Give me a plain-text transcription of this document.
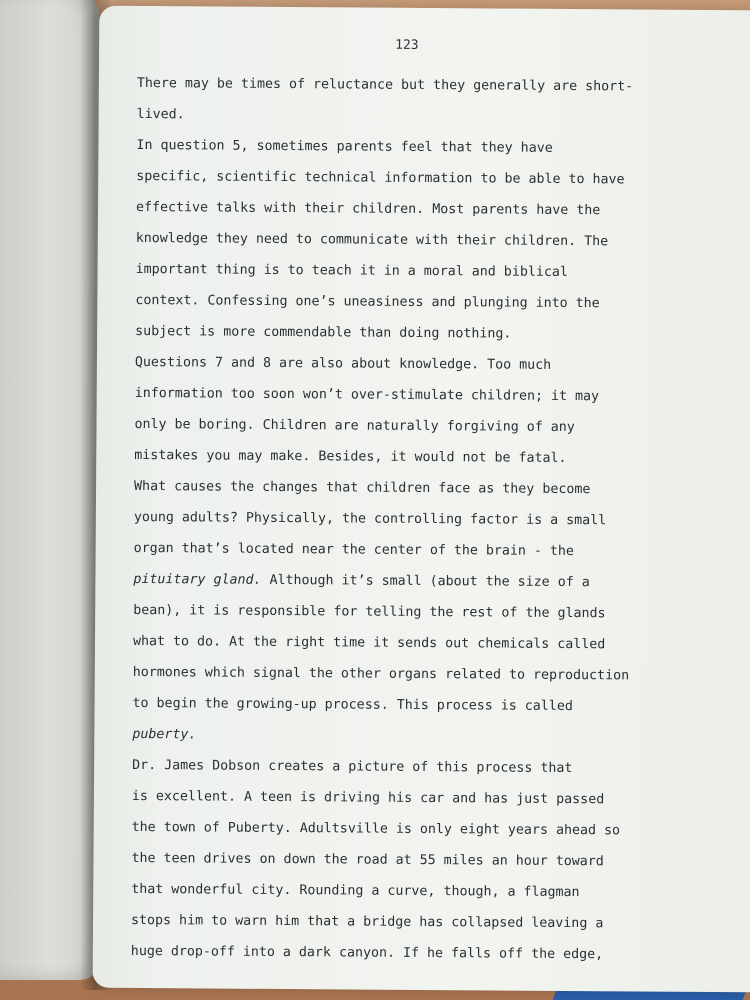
123
There may be times of reluctance but they generally are short-
lived.
In question 5, sometimes parents feel that they have
specific, scientific technical information to be able to have
effective talks with their children. Most parents have the
knowledge they need to communicate with their children. The
important thing is to teach it in a moral and biblical
context. Confessing one’s uneasiness and plunging into the
subject is more commendable than doing nothing.
Questions 7 and 8 are also about knowledge. Too much
information too soon won’t over-stimulate children; it may
only be boring. Children are naturally forgiving of any
mistakes you may make. Besides, it would not be fatal.
What causes the changes that children face as they become
young adults? Physically, the controlling factor is a small
organ that’s located near the center of the brain - the
pituitary gland. Although it’s small (about the size of a
bean), it is responsible for telling the rest of the glands
what to do. At the right time it sends out chemicals called
hormones which signal the other organs related to reproduction
to begin the growing-up process. This process is called
puberty.
Dr. James Dobson creates a picture of this process that
is excellent. A teen is driving his car and has just passed
the town of Puberty. Adultsville is only eight years ahead so
the teen drives on down the road at 55 miles an hour toward
that wonderful city. Rounding a curve, though, a flagman
stops him to warn him that a bridge has collapsed leaving a
huge drop-off into a dark canyon. If he falls off the edge,
